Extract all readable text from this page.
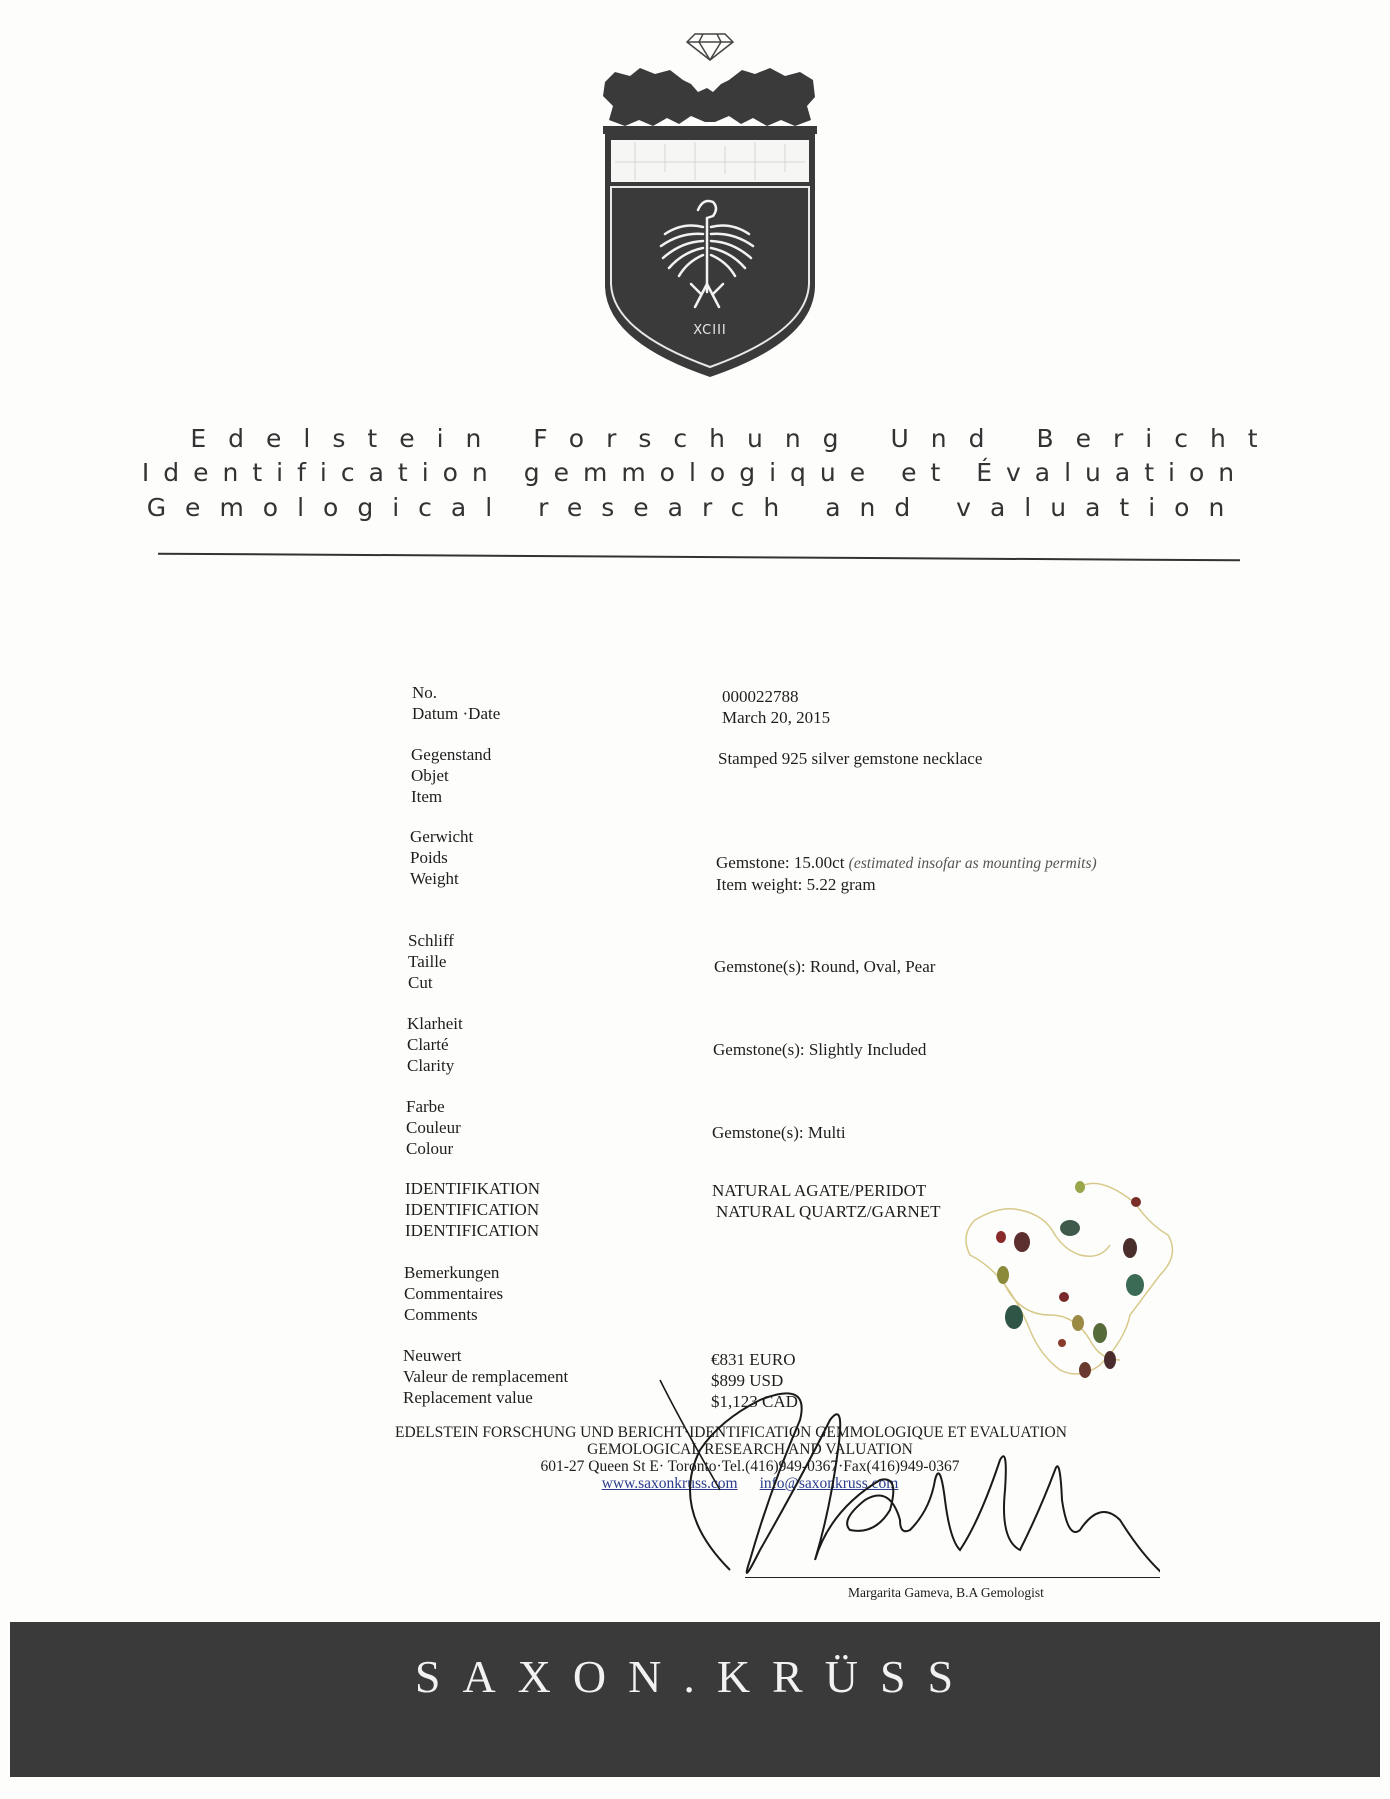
XCIII
Edelstein Forschung Und Bericht
Identification gemmologique et Évaluation
Gemological research and valuation
No.
Datum ·Date
000022788
March 20, 2015
Gegenstand
Objet
Item
Stamped 925 silver gemstone necklace
Gerwicht
Poids
Weight
Gemstone: 15.00ct (estimated insofar as mounting permits)
Item weight: 5.22 gram
Schliff
Taille
Cut
Gemstone(s): Round, Oval, Pear
Klarheit
Clarté
Clarity
Gemstone(s): Slightly Included
Farbe
Couleur
Colour
Gemstone(s): Multi
IDENTIFIKATION
IDENTIFICATION
IDENTIFICATION
NATURAL AGATE/PERIDOT
NATURAL QUARTZ/GARNET
Bemerkungen
Commentaires
Comments
Neuwert
Valeur de remplacement
Replacement value
€831 EURO
$899 USD
$1,123 CAD
EDELSTEIN FORSCHUNG UND BERICHT·IDENTIFICATION GEMMOLOGIQUE ET EVALUATION
GEMOLOGICAL RESEARCH AND VALUATION
601-27 Queen St E· Toronto·Tel.(416)949-0367·Fax(416)949-0367
www.saxonkruss.com info@saxonkruss.com
Margarita Gameva, B.A Gemologist
SAXON.KRÜSS
